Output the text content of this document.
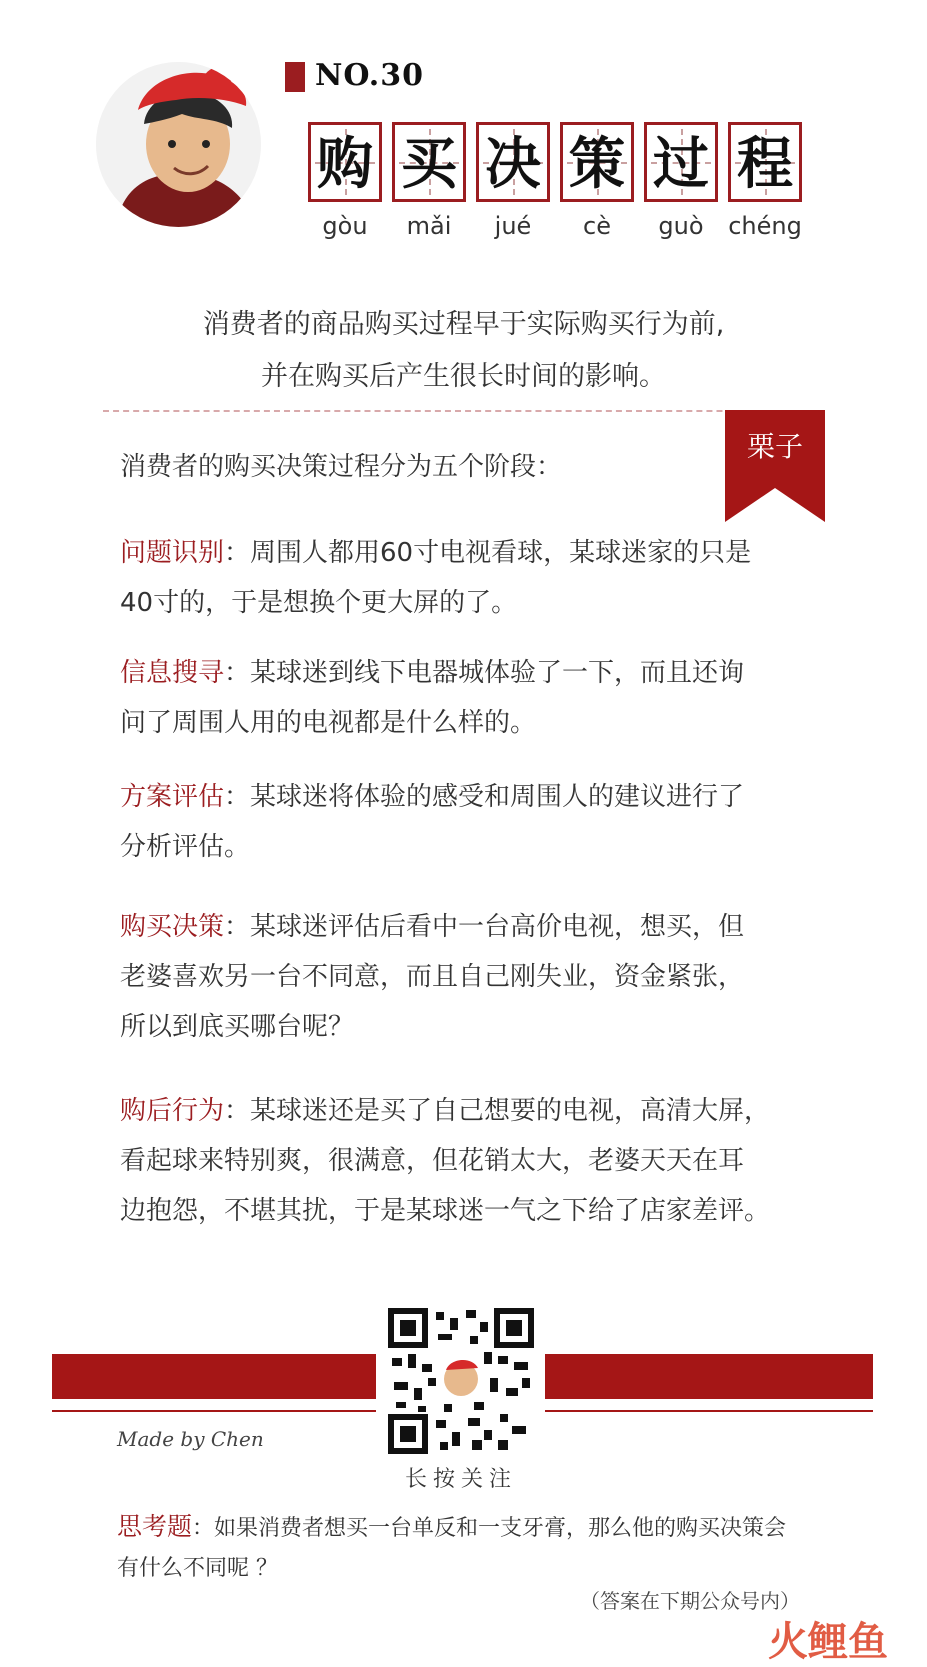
NO.30
购 买 决 策 过 程
gòu	mǎi	jué	cè	guò	chéng
消费者的商品购买过程早于实际购买行为前,
并在购买后产生很长时间的影响。
栗子
消费者的购买决策过程分为五个阶段：
问题识别：周围人都用60寸电视看球，某球迷家的只是
40寸的，于是想换个更大屏的了。
信息搜寻：某球迷到线下电器城体验了一下，而且还询
问了周围人用的电视都是什么样的。
方案评估：某球迷将体验的感受和周围人的建议进行了
分析评估。
购买决策：某球迷评估后看中一台高价电视，想买，但
老婆喜欢另一台不同意，而且自己刚失业，资金紧张，
所以到底买哪台呢？
购后行为：某球迷还是买了自己想要的电视，高清大屏，
看起球来特别爽，很满意，但花销太大，老婆天天在耳
边抱怨，不堪其扰，于是某球迷一气之下给了店家差评。
Made by Chen
长按关注
思考题：如果消费者想买一台单反和一支牙膏，那么他的购买决策会
有什么不同呢 ？
（答案在下期公众号内）
火鲤鱼
